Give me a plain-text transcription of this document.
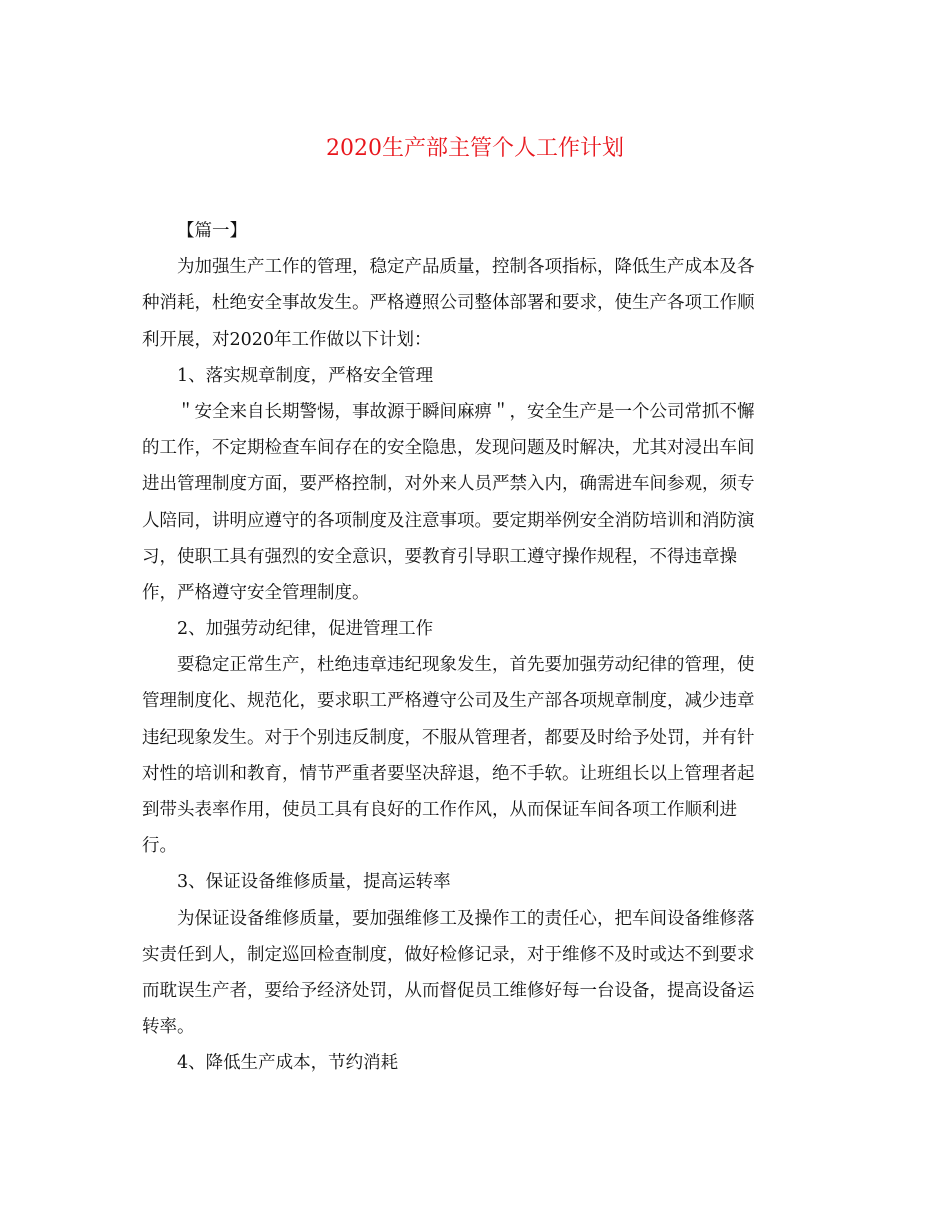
2020生产部主管个人工作计划
【篇一】
为加强生产工作的管理，稳定产品质量，控制各项指标，降低生产成本及各
种消耗，杜绝安全事故发生。严格遵照公司整体部署和要求，使生产各项工作顺
利开展，对2020年工作做以下计划：
1、落实规章制度，严格安全管理
＂安全来自长期警惕，事故源于瞬间麻痹＂，安全生产是一个公司常抓不懈
的工作，不定期检查车间存在的安全隐患，发现问题及时解决，尤其对浸出车间
进出管理制度方面，要严格控制，对外来人员严禁入内，确需进车间参观，须专
人陪同，讲明应遵守的各项制度及注意事项。要定期举例安全消防培训和消防演
习，使职工具有强烈的安全意识，要教育引导职工遵守操作规程，不得违章操
作，严格遵守安全管理制度。
2、加强劳动纪律，促进管理工作
要稳定正常生产，杜绝违章违纪现象发生，首先要加强劳动纪律的管理，使
管理制度化、规范化，要求职工严格遵守公司及生产部各项规章制度，减少违章
违纪现象发生。对于个别违反制度，不服从管理者，都要及时给予处罚，并有针
对性的培训和教育，情节严重者要坚决辞退，绝不手软。让班组长以上管理者起
到带头表率作用，使员工具有良好的工作作风，从而保证车间各项工作顺利进
行。
3、保证设备维修质量，提高运转率
为保证设备维修质量，要加强维修工及操作工的责任心，把车间设备维修落
实责任到人，制定巡回检查制度，做好检修记录，对于维修不及时或达不到要求
而耽误生产者，要给予经济处罚，从而督促员工维修好每一台设备，提高设备运
转率。
4、降低生产成本，节约消耗
